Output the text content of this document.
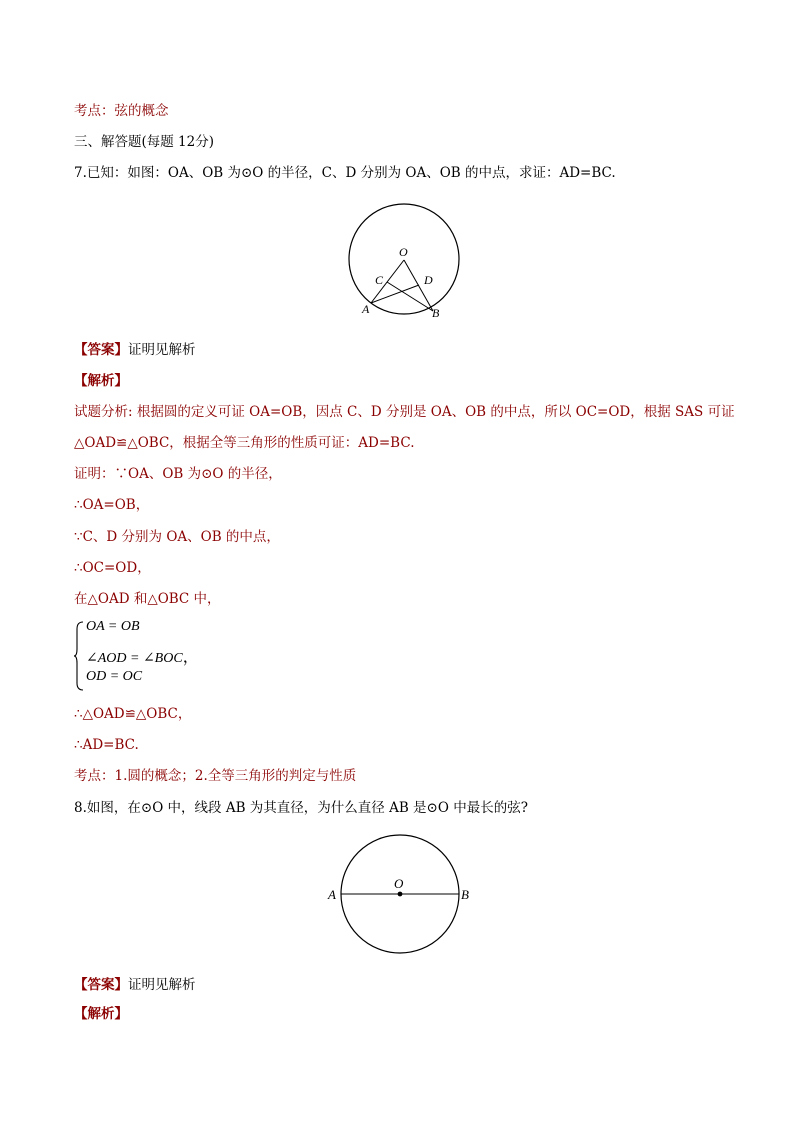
考点：弦的概念
三、解答题(每题 12分)
7.已知：如图：OA、OB 为⊙O 的半径，C、D 分别为 OA、OB 的中点，求证：AD=BC.
O
C	D
A	B
【答案】证明见解析
【解析】
试题分析: 根据圆的定义可证 OA=OB，因点 C、D 分别是 OA、OB 的中点，所以 OC=OD，根据 SAS 可证
△OAD≌△OBC，根据全等三角形的性质可证：AD=BC.
证明：∵OA、OB 为⊙O 的半径，
∴OA=OB，
∵C、D 分别为 OA、OB 的中点，
∴OC=OD，
在△OAD 和△OBC 中，
OA = OB
∠AOD = ∠BOC，
OD = OC
∴△OAD≌△OBC，
∴AD=BC.
考点：1.圆的概念；2.全等三角形的判定与性质
8.如图，在⊙O 中，线段 AB 为其直径，为什么直径 AB 是⊙O 中最长的弦?
O
A	B
【答案】证明见解析
【解析】
